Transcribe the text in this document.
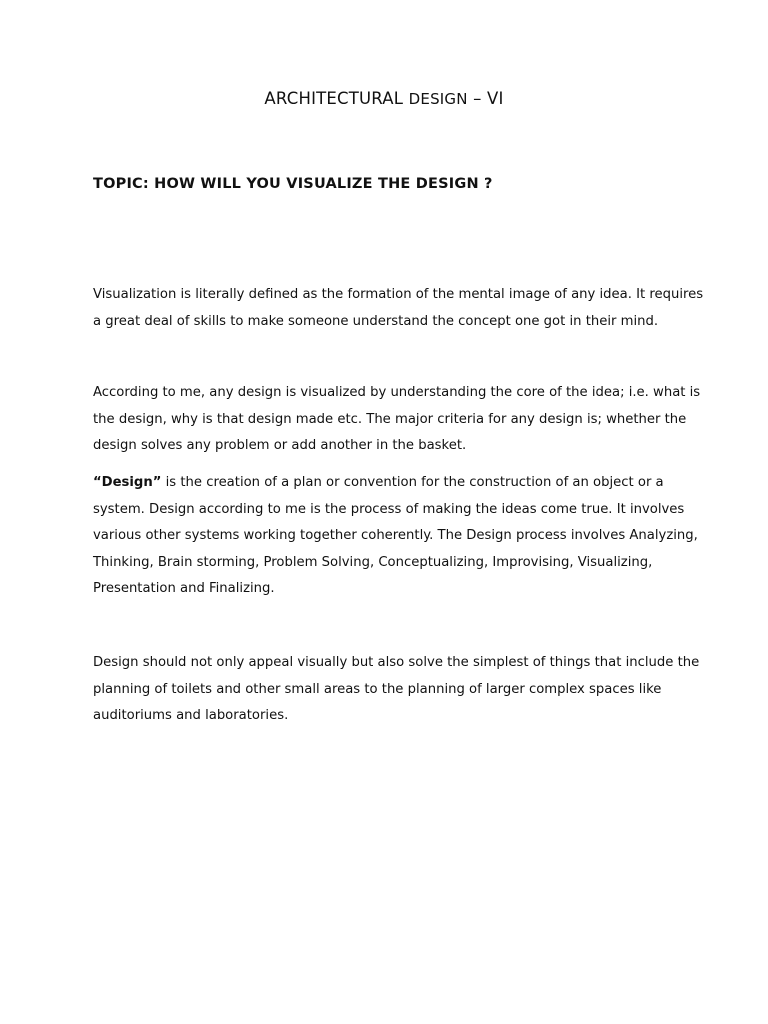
ARCHITECTURAL DESIGN – VI
TOPIC: HOW WILL YOU VISUALIZE THE DESIGN ?

Visualization is literally defined as the formation of the mental image of any idea. It requires
a great deal of skills to make someone understand the concept one got in their mind.

According to me, any design is visualized by understanding the core of the idea; i.e. what is
the design, why is that design made etc. The major criteria for any design is; whether the
design solves any problem or add another in the basket.

“Design” is the creation of a plan or convention for the construction of an object or a
system. Design according to me is the process of making the ideas come true. It involves
various other systems working together coherently. The Design process involves Analyzing,
Thinking, Brain storming, Problem Solving, Conceptualizing, Improvising, Visualizing,
Presentation and Finalizing.

Design should not only appeal visually but also solve the simplest of things that include the
planning of toilets and other small areas to the planning of larger complex spaces like
auditoriums and laboratories.
